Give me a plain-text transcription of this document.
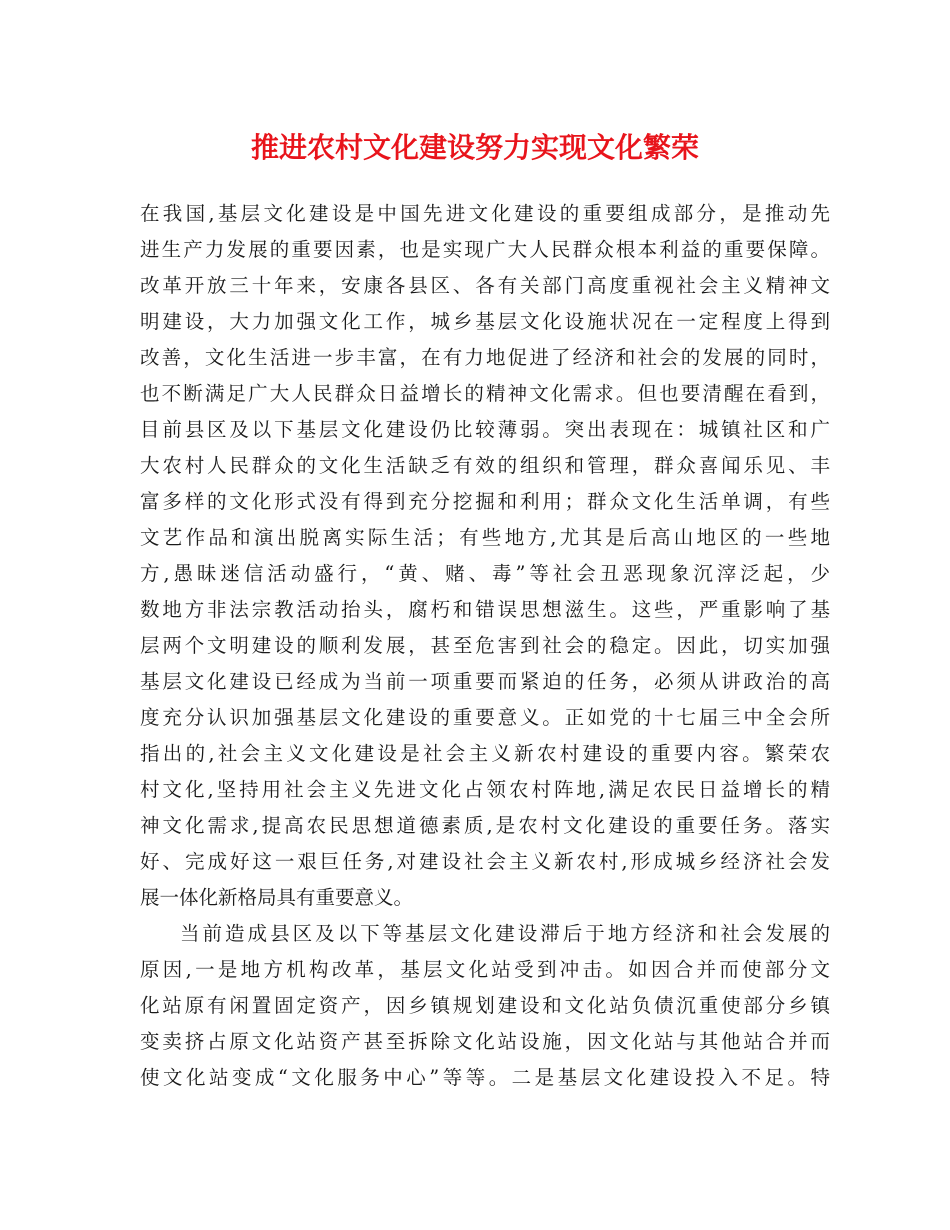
推进农村文化建设努力实现文化繁荣

在我国,基层文化建设是中国先进文化建设的重要组成部分，是推动先
进生产力发展的重要因素，也是实现广大人民群众根本利益的重要保障。
改革开放三十年来，安康各县区、各有关部门高度重视社会主义精神文
明建设，大力加强文化工作，城乡基层文化设施状况在一定程度上得到
改善，文化生活进一步丰富，在有力地促进了经济和社会的发展的同时，
也不断满足广大人民群众日益增长的精神文化需求。但也要清醒在看到，
目前县区及以下基层文化建设仍比较薄弱。突出表现在：城镇社区和广
大农村人民群众的文化生活缺乏有效的组织和管理，群众喜闻乐见、丰
富多样的文化形式没有得到充分挖掘和利用；群众文化生活单调，有些
文艺作品和演出脱离实际生活；有些地方,尤其是后高山地区的一些地
方,愚昧迷信活动盛行，“黄、赌、毒”等社会丑恶现象沉滓泛起，少
数地方非法宗教活动抬头，腐朽和错误思想滋生。这些，严重影响了基
层两个文明建设的顺利发展，甚至危害到社会的稳定。因此，切实加强
基层文化建设已经成为当前一项重要而紧迫的任务，必须从讲政治的高
度充分认识加强基层文化建设的重要意义。正如党的十七届三中全会所
指出的,社会主义文化建设是社会主义新农村建设的重要内容。繁荣农
村文化,坚持用社会主义先进文化占领农村阵地,满足农民日益增长的精
神文化需求,提高农民思想道德素质,是农村文化建设的重要任务。落实
好、完成好这一艰巨任务,对建设社会主义新农村,形成城乡经济社会发
展一体化新格局具有重要意义。

当前造成县区及以下等基层文化建设滞后于地方经济和社会发展的
原因,一是地方机构改革，基层文化站受到冲击。如因合并而使部分文
化站原有闲置固定资产，因乡镇规划建设和文化站负债沉重使部分乡镇
变卖挤占原文化站资产甚至拆除文化站设施，因文化站与其他站合并而
使文化站变成“文化服务中心”等等。二是基层文化建设投入不足。特
